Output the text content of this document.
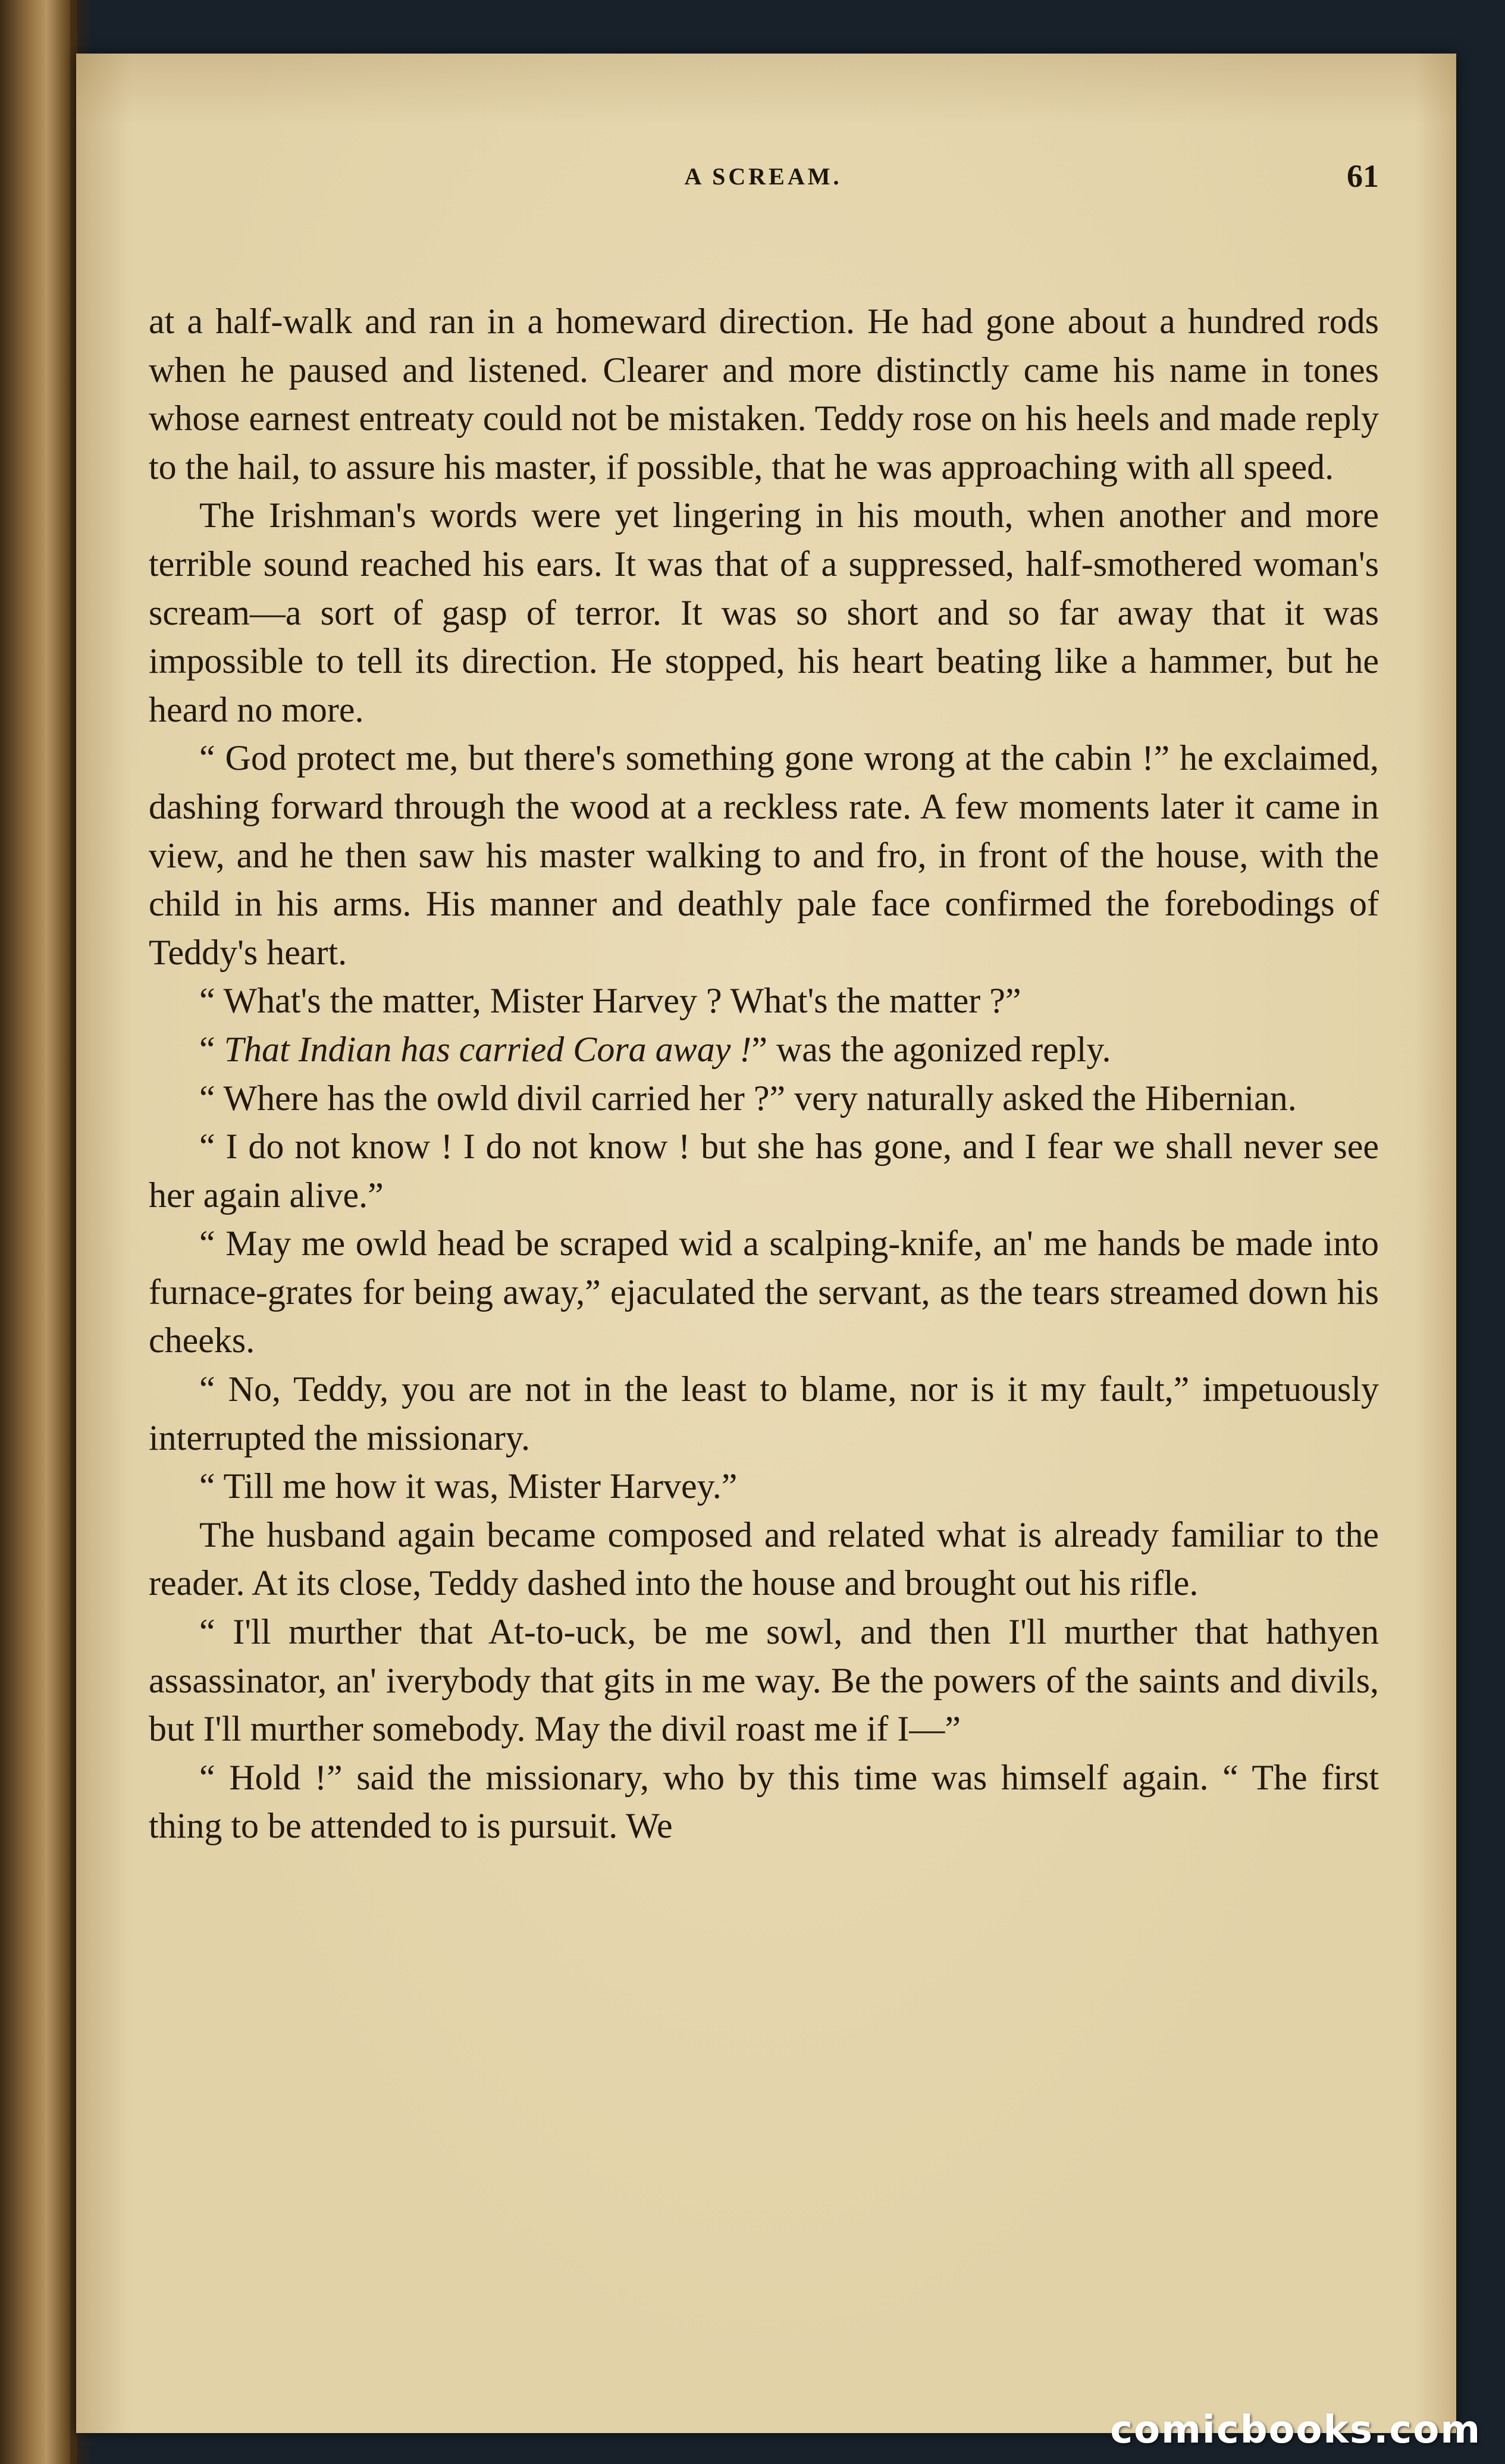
A SCREAM.	61

at a half-walk and ran in a homeward direction. He had gone about a hundred rods when he paused and listened. Clearer and more distinctly came his name in tones whose earnest entreaty could not be mistaken. Teddy rose on his heels and made reply to the hail, to assure his master, if possible, that he was approaching with all speed.

The Irishman's words were yet lingering in his mouth, when another and more terrible sound reached his ears. It was that of a suppressed, half-smothered woman's scream—a sort of gasp of terror. It was so short and so far away that it was impossible to tell its direction. He stopped, his heart beating like a hammer, but he heard no more.

“ God protect me, but there's something gone wrong at the cabin !” he exclaimed, dashing forward through the wood at a reckless rate. A few moments later it came in view, and he then saw his master walking to and fro, in front of the house, with the child in his arms. His manner and deathly pale face confirmed the forebodings of Teddy's heart.

“ What's the matter, Mister Harvey ? What's the matter ?”

“ That Indian has carried Cora away !” was the agonized reply.

“ Where has the owld divil carried her ?” very naturally asked the Hibernian.

“ I do not know ! I do not know ! but she has gone, and I fear we shall never see her again alive.”

“ May me owld head be scraped wid a scalping-knife, an' me hands be made into furnace-grates for being away,” ejaculated the servant, as the tears streamed down his cheeks.

“ No, Teddy, you are not in the least to blame, nor is it my fault,” impetuously interrupted the missionary.

“ Till me how it was, Mister Harvey.”

The husband again became composed and related what is already familiar to the reader. At its close, Teddy dashed into the house and brought out his rifle.

“ I'll murther that At-to-uck, be me sowl, and then I'll murther that hathyen assassinator, an' iverybody that gits in me way. Be the powers of the saints and divils, but I'll murther somebody. May the divil roast me if I—”

“ Hold !” said the missionary, who by this time was himself again. “ The first thing to be attended to is pursuit. We

comicbooks.com
